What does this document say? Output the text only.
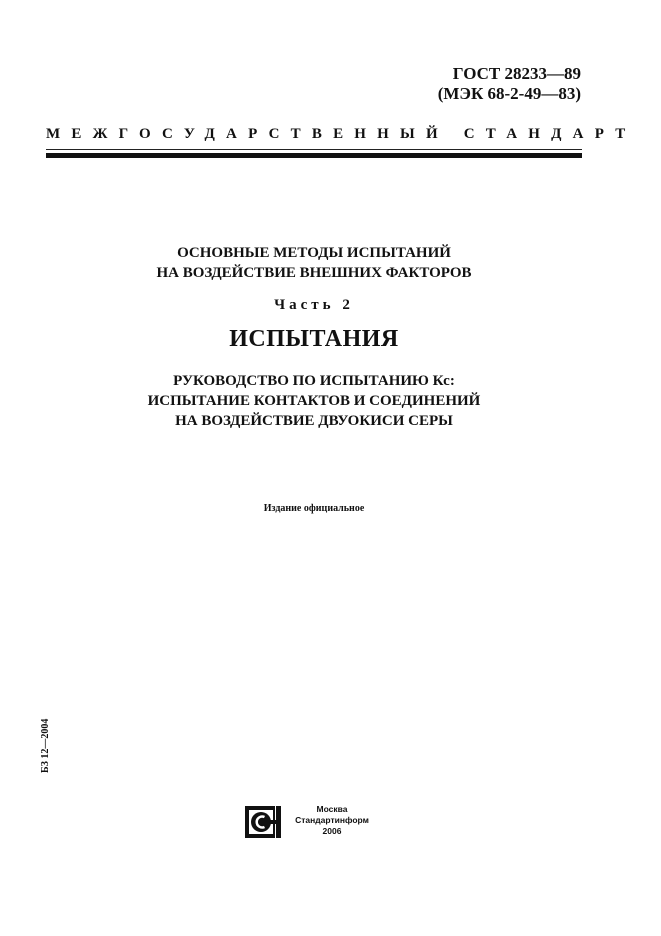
ГОСТ 28233—89
(МЭК 68-2-49—83)
МЕЖГОСУДАРСТВЕННЫЙ СТАНДАРТ
ОСНОВНЫЕ МЕТОДЫ ИСПЫТАНИЙ
НА ВОЗДЕЙСТВИЕ ВНЕШНИХ ФАКТОРОВ
Часть 2
ИСПЫТАНИЯ
РУКОВОДСТВО ПО ИСПЫТАНИЮ Кс:
ИСПЫТАНИЕ КОНТАКТОВ И СОЕДИНЕНИЙ
НА ВОЗДЕЙСТВИЕ ДВУОКИСИ СЕРЫ
Издание официальное
БЗ 12—2004
Москва
Стандартинформ
2006
